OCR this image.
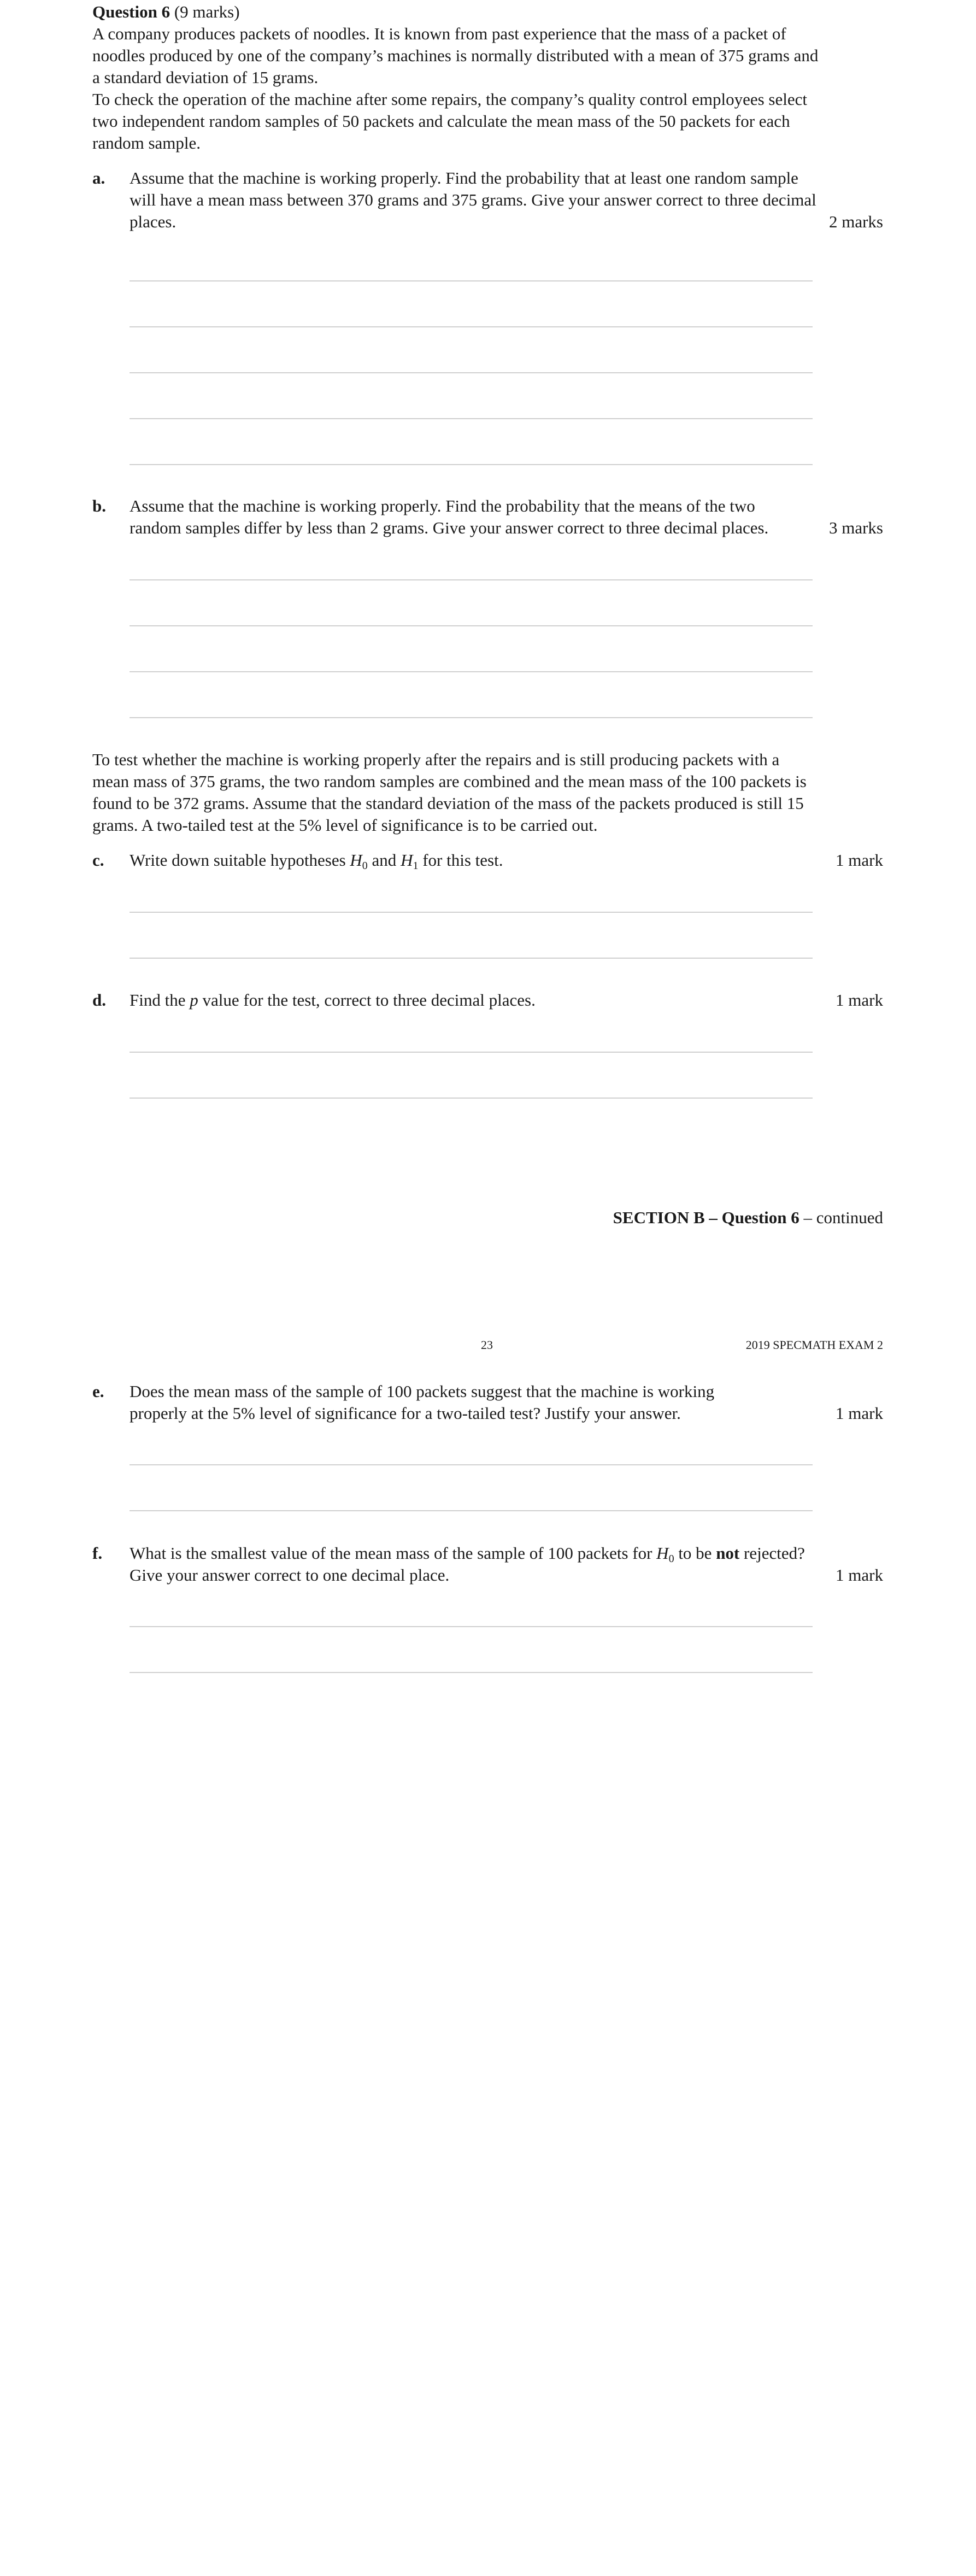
Question 6 (9 marks)

A company produces packets of noodles. It is known from past experience that the mass of a packet of noodles produced by one of the company’s machines is normally distributed with a mean of 375 grams and a standard deviation of 15 grams.

To check the operation of the machine after some repairs, the company’s quality control employees select two independent random samples of 50 packets and calculate the mean mass of the 50 packets for each random sample.

a. Assume that the machine is working properly. Find the probability that at least one random sample will have a mean mass between 370 grams and 375 grams. Give your answer correct to three decimal places.	2 marks
b. Assume that the machine is working properly. Find the probability that the means of the two random samples differ by less than 2 grams. Give your answer correct to three decimal places.	3 marks

To test whether the machine is working properly after the repairs and is still producing packets with a mean mass of 375 grams, the two random samples are combined and the mean mass of the 100 packets is found to be 372 grams. Assume that the standard deviation of the mass of the packets produced is still 15 grams. A two-tailed test at the 5% level of significance is to be carried out.

c. Write down suitable hypotheses $H_0$ and $H_1$ for this test.	1 mark
d. Find the p value for the test, correct to three decimal places.	1 mark
SECTION B – Question 6 – continued
23	2019 SPECMATH EXAM 2
e. Does the mean mass of the sample of 100 packets suggest that the machine is working properly at the 5% level of significance for a two-tailed test? Justify your answer.	1 mark
f. What is the smallest value of the mean mass of the sample of 100 packets for $H_0$ to be not rejected? Give your answer correct to one decimal place.	1 mark
